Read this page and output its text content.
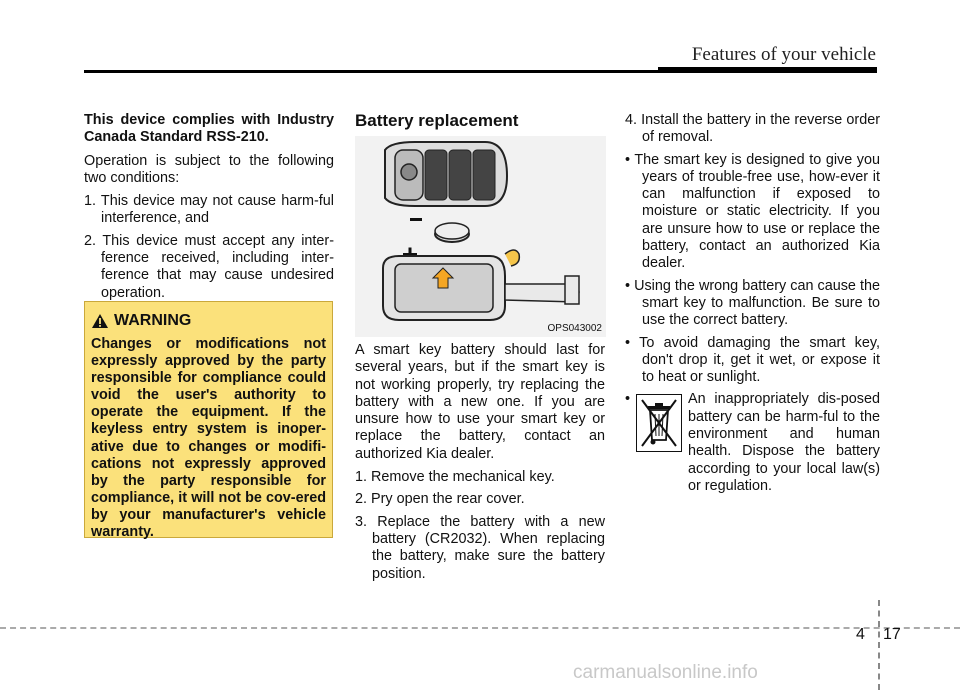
Features of your vehicle

This device complies with Industry Canada Standard RSS-210.

Operation is subject to the following two conditions:

1. This device may not cause harm-ful interference, and
2. This device must accept any inter-ference received, including inter-ference that may cause undesired operation.
WARNING
Changes or modifications not expressly approved by the party responsible for compliance could void the user's authority to operate the equipment. If the keyless entry system is inoper-ative due to changes or modifi-cations not expressly approved by the party responsible for compliance, it will not be cov-ered by your manufacturer's vehicle warranty.
Battery replacement
OPS043002

A smart key battery should last for several years, but if the smart key is not working properly, try replacing the battery with a new one. If you are unsure how to use your smart key or replace the battery, contact an authorized Kia dealer.

1. Remove the mechanical key.
2. Pry open the rear cover.
3. Replace the battery with a new battery (CR2032). When replacing the battery, make sure the battery position.

4. Install the battery in the reverse order of removal.

• The smart key is designed to give you years of trouble-free use, how-ever it can malfunction if exposed to moisture or static electricity. If you are unsure how to use or replace the battery, contact an authorized Kia dealer.
• Using the wrong battery can cause the smart key to malfunction. Be sure to use the correct battery.
• To avoid damaging the smart key, don't drop it, get it wet, or expose it to heat or sunlight.
•	An inappropriately dis-posed battery can be harm-ful to the environment and human health. Dispose the battery according to your local law(s) or regulation.

4 17
carmanualsonline.info
